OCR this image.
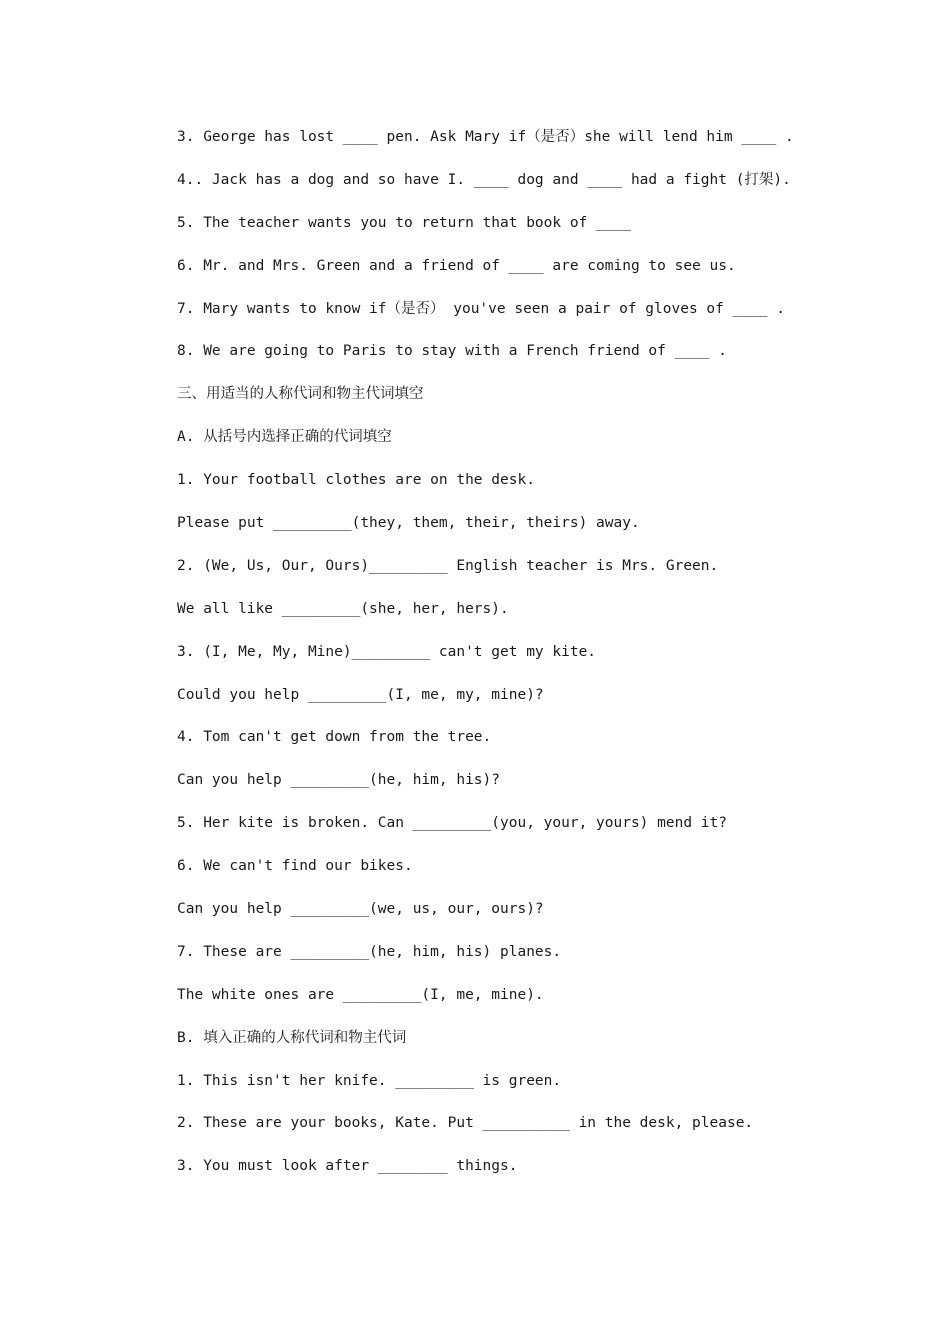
3. George has lost ____ pen. Ask Mary if（是否）she will lend him ____ .
4.. Jack has a dog and so have I. ____ dog and ____ had a fight (打架).
5. The teacher wants you to return that book of ____
6. Mr. and Mrs. Green and a friend of ____ are coming to see us.
7. Mary wants to know if（是否） you've seen a pair of gloves of ____ .
8. We are going to Paris to stay with a French friend of ____ .
三、用适当的人称代词和物主代词填空
A. 从括号内选择正确的代词填空
1. Your football clothes are on the desk.
Please put _________(they, them, their, theirs) away.
2. (We, Us, Our, Ours)_________ English teacher is Mrs. Green.
We all like _________(she, her, hers).
3. (I, Me, My, Mine)_________ can't get my kite.
Could you help _________(I, me, my, mine)?
4. Tom can't get down from the tree.
Can you help _________(he, him, his)?
5. Her kite is broken. Can _________(you, your, yours) mend it?
6. We can't find our bikes.
Can you help _________(we, us, our, ours)?
7. These are _________(he, him, his) planes.
The white ones are _________(I, me, mine).
B. 填入正确的人称代词和物主代词
1. This isn't her knife. _________ is green.
2. These are your books, Kate. Put __________ in the desk, please.
3. You must look after ________ things.
